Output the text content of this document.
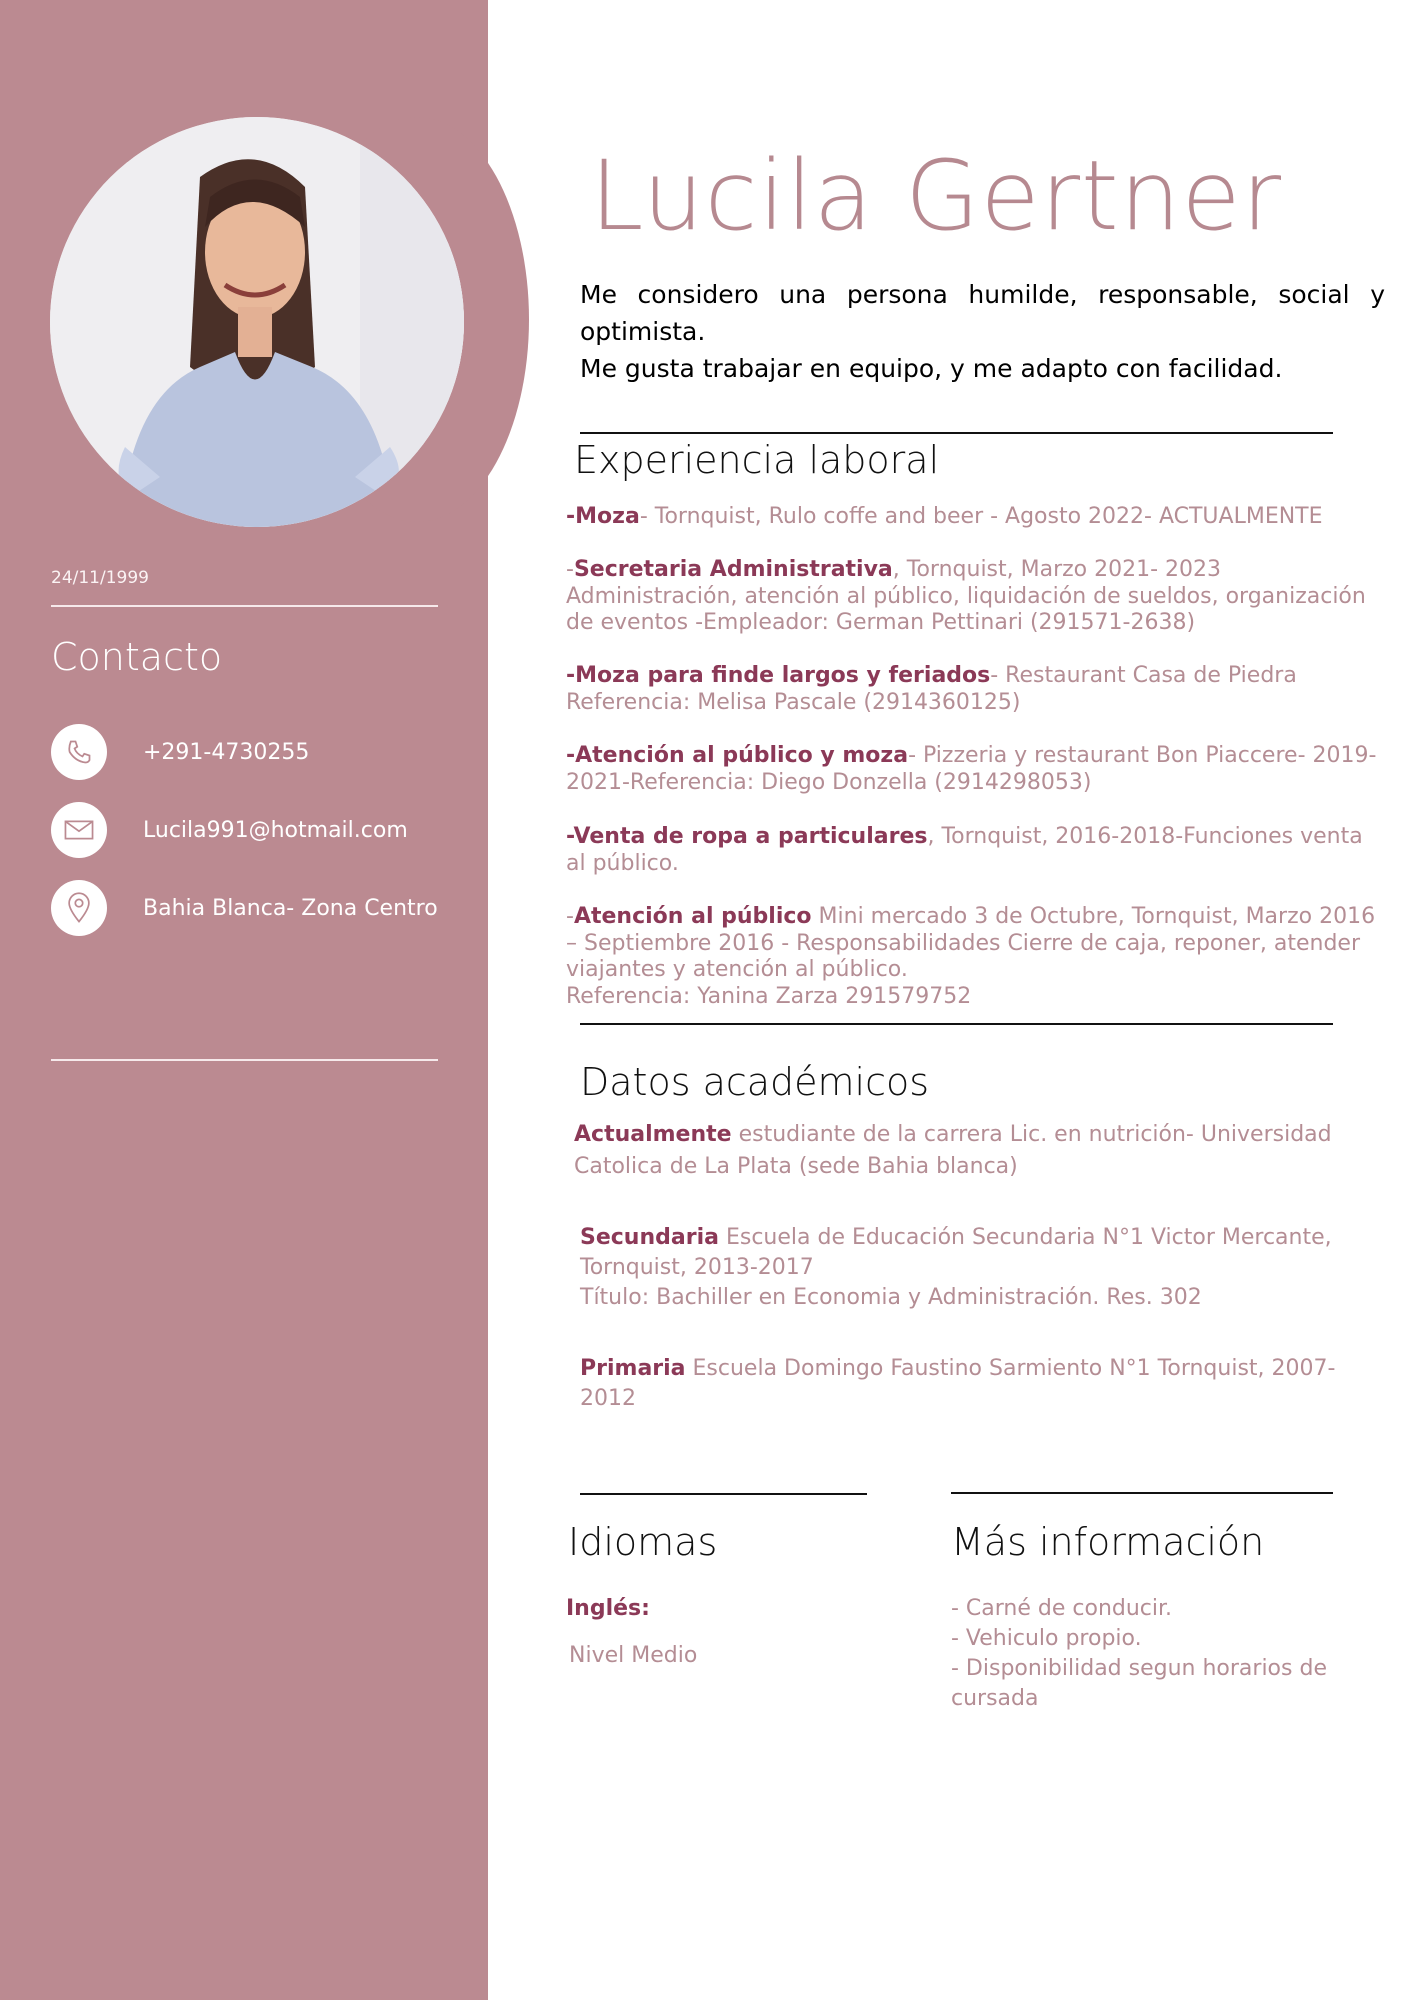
24/11/1999
Contacto
+291-4730255
Lucila991@hotmail.com
Bahia Blanca- Zona Centro
Lucila Gertner
Me considero una persona humilde, responsable, social y
optimista.
Me gusta trabajar en equipo, y me adapto con facilidad.
Experiencia laboral
-Moza- Tornquist, Rulo coffe and beer - Agosto 2022- ACTUALMENTE
-Secretaria Administrativa, Tornquist, Marzo 2021- 2023 Administración, atención al público, liquidación de sueldos, organización de eventos -Empleador: German Pettinari (291571-2638)
-Moza para finde largos y feriados- Restaurant Casa de Piedra Referencia: Melisa Pascale (2914360125)
-Atención al público y moza- Pizzeria y restaurant Bon Piaccere- 2019-2021-Referencia: Diego Donzella (2914298053)
-Venta de ropa a particulares, Tornquist, 2016-2018-Funciones venta al público.
-Atención al público Mini mercado 3 de Octubre, Tornquist, Marzo 2016 – Septiembre 2016 - Responsabilidades Cierre de caja, reponer, atender viajantes y atención al público.
Referencia: Yanina Zarza 291579752
Datos académicos
Actualmente estudiante de la carrera Lic. en nutrición- Universidad Catolica de La Plata (sede Bahia blanca)
Secundaria Escuela de Educación Secundaria N°1 Victor Mercante, Tornquist, 2013-2017
Título: Bachiller en Economia y Administración. Res. 302
Primaria Escuela Domingo Faustino Sarmiento N°1 Tornquist, 2007-2012
Idiomas	Más información
Inglés:
Nivel Medio
- Carné de conducir.
- Vehiculo propio.
- Disponibilidad segun horarios de cursada
